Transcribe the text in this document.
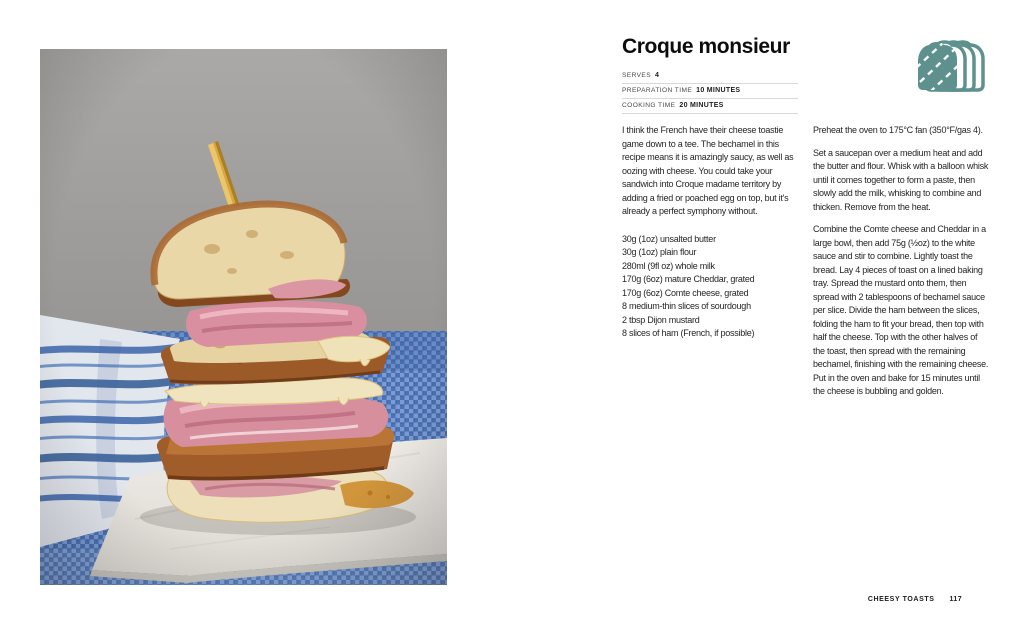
Croque monsieur
SERVES 4
PREPARATION TIME 10 MINUTES
COOKING TIME 20 MINUTES

I think the French have their cheese toastie game down to a tee. The bechamel in this recipe means it is amazingly saucy, as well as oozing with cheese. You could take your sandwich into Croque madame territory by adding a fried or poached egg on top, but it's already a perfect symphony without.

30g (1oz) unsalted butter
30g (1oz) plain flour
280ml (9fl oz) whole milk
170g (6oz) mature Cheddar, grated
170g (6oz) Comte cheese, grated
8 medium-thin slices of sourdough
2 tbsp Dijon mustard
8 slices of ham (French, if possible)

Preheat the oven to 175°C fan (350°F/gas 4).

Set a saucepan over a medium heat and add the butter and flour. Whisk with a balloon whisk until it comes together to form a paste, then slowly add the milk, whisking to combine and thicken. Remove from the heat.

Combine the Comte cheese and Cheddar in a large bowl, then add 75g (½oz) to the white sauce and stir to combine. Lightly toast the bread. Lay 4 pieces of toast on a lined baking tray. Spread the mustard onto them, then spread with 2 tablespoons of bechamel sauce per slice. Divide the ham between the slices, folding the ham to fit your bread, then top with half the cheese. Top with the other halves of the toast, then spread with the remaining bechamel, finishing with the remaining cheese. Put in the oven and bake for 15 minutes until the cheese is bubbling and golden.

CHEESY TOASTS 117
